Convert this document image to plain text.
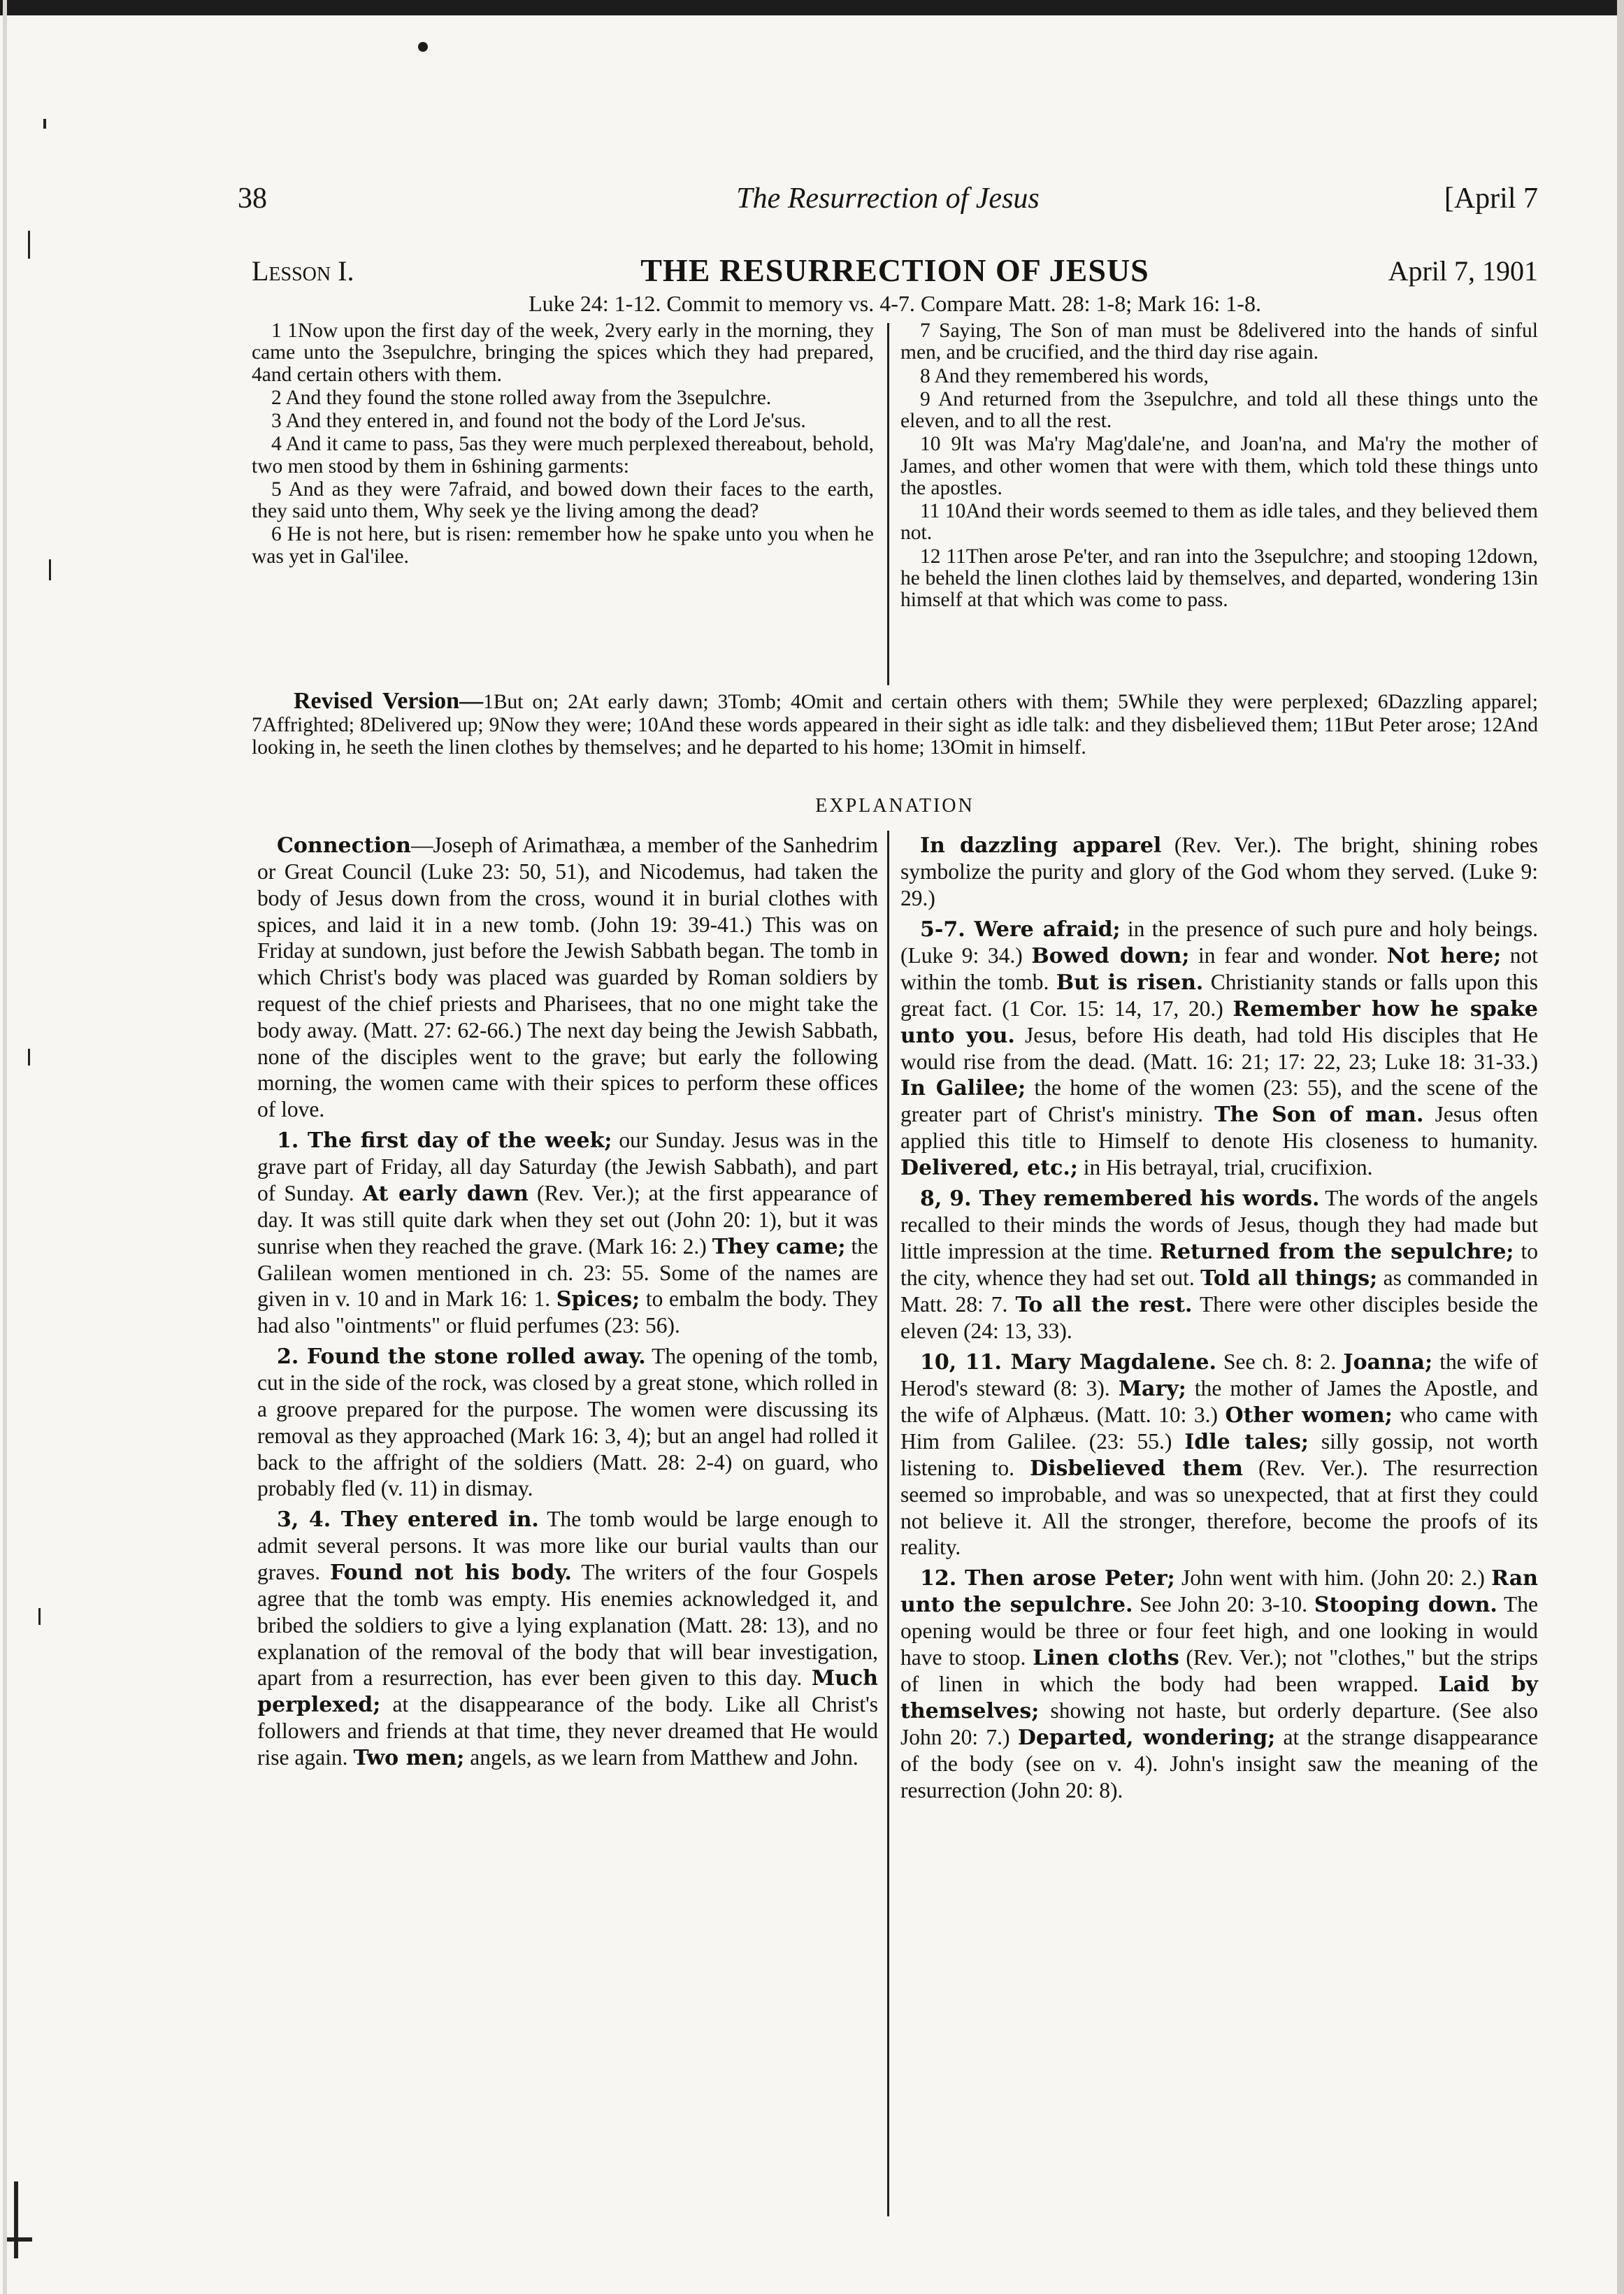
38	The Resurrection of Jesus	[April 7
Lesson I.	THE RESURRECTION OF JESUS	April 7, 1901
Luke 24: 1-12. Commit to memory vs. 4-7. Compare Matt. 28: 1-8; Mark 16: 1-8.

1 1Now upon the first day of the week, 2very early in the morning, they came unto the 3sepulchre, bringing the spices which they had prepared, 4and certain others with them.

2 And they found the stone rolled away from the 3sepulchre.

3 And they entered in, and found not the body of the Lord Je'sus.

4 And it came to pass, 5as they were much perplexed thereabout, behold, two men stood by them in 6shining garments:

5 And as they were 7afraid, and bowed down their faces to the earth, they said unto them, Why seek ye the living among the dead?

6 He is not here, but is risen: remember how he spake unto you when he was yet in Gal'ilee.

7 Saying, The Son of man must be 8delivered into the hands of sinful men, and be crucified, and the third day rise again.

8 And they remembered his words,

9 And returned from the 3sepulchre, and told all these things unto the eleven, and to all the rest.

10 9It was Ma'ry Mag'dale'ne, and Joan'na, and Ma'ry the mother of James, and other women that were with them, which told these things unto the apostles.

11 10And their words seemed to them as idle tales, and they believed them not.

12 11Then arose Pe'ter, and ran into the 3sepulchre; and stooping 12down, he beheld the linen clothes laid by themselves, and departed, wondering 13in himself at that which was come to pass.

Revised Version—1But on; 2At early dawn; 3Tomb; 4Omit and certain others with them; 5While they were perplexed; 6Dazzling apparel; 7Affrighted; 8Delivered up; 9Now they were; 10And these words appeared in their sight as idle talk: and they disbelieved them; 11But Peter arose; 12And looking in, he seeth the linen clothes by themselves; and he departed to his home; 13Omit in himself.
EXPLANATION

Connection—Joseph of Arimathæa, a member of the Sanhedrim or Great Council (Luke 23: 50, 51), and Nicodemus, had taken the body of Jesus down from the cross, wound it in burial clothes with spices, and laid it in a new tomb. (John 19: 39-41.) This was on Friday at sundown, just before the Jewish Sabbath began. The tomb in which Christ's body was placed was guarded by Roman soldiers by request of the chief priests and Pharisees, that no one might take the body away. (Matt. 27: 62-66.) The next day being the Jewish Sabbath, none of the disciples went to the grave; but early the following morning, the women came with their spices to perform these offices of love.

1. The first day of the week; our Sunday. Jesus was in the grave part of Friday, all day Saturday (the Jewish Sabbath), and part of Sunday. At early dawn (Rev. Ver.); at the first appearance of day. It was still quite dark when they set out (John 20: 1), but it was sunrise when they reached the grave. (Mark 16: 2.) They came; the Galilean women mentioned in ch. 23: 55. Some of the names are given in v. 10 and in Mark 16: 1. Spices; to embalm the body. They had also "ointments" or fluid perfumes (23: 56).

2. Found the stone rolled away. The opening of the tomb, cut in the side of the rock, was closed by a great stone, which rolled in a groove prepared for the purpose. The women were discussing its removal as they approached (Mark 16: 3, 4); but an angel had rolled it back to the affright of the soldiers (Matt. 28: 2-4) on guard, who probably fled (v. 11) in dismay.

3, 4. They entered in. The tomb would be large enough to admit several persons. It was more like our burial vaults than our graves. Found not his body. The writers of the four Gospels agree that the tomb was empty. His enemies acknowledged it, and bribed the soldiers to give a lying explanation (Matt. 28: 13), and no explanation of the removal of the body that will bear investigation, apart from a resurrection, has ever been given to this day. Much perplexed; at the disappearance of the body. Like all Christ's followers and friends at that time, they never dreamed that He would rise again. Two men; angels, as we learn from Matthew and John.

In dazzling apparel (Rev. Ver.). The bright, shining robes symbolize the purity and glory of the God whom they served. (Luke 9: 29.)

5-7. Were afraid; in the presence of such pure and holy beings. (Luke 9: 34.) Bowed down; in fear and wonder. Not here; not within the tomb. But is risen. Christianity stands or falls upon this great fact. (1 Cor. 15: 14, 17, 20.) Remember how he spake unto you. Jesus, before His death, had told His disciples that He would rise from the dead. (Matt. 16: 21; 17: 22, 23; Luke 18: 31-33.) In Galilee; the home of the women (23: 55), and the scene of the greater part of Christ's ministry. The Son of man. Jesus often applied this title to Himself to denote His closeness to humanity. Delivered, etc.; in His betrayal, trial, crucifixion.

8, 9. They remembered his words. The words of the angels recalled to their minds the words of Jesus, though they had made but little impression at the time. Returned from the sepulchre; to the city, whence they had set out. Told all things; as commanded in Matt. 28: 7. To all the rest. There were other disciples beside the eleven (24: 13, 33).

10, 11. Mary Magdalene. See ch. 8: 2. Joanna; the wife of Herod's steward (8: 3). Mary; the mother of James the Apostle, and the wife of Alphæus. (Matt. 10: 3.) Other women; who came with Him from Galilee. (23: 55.) Idle tales; silly gossip, not worth listening to. Disbelieved them (Rev. Ver.). The resurrection seemed so improbable, and was so unexpected, that at first they could not believe it. All the stronger, therefore, become the proofs of its reality.

12. Then arose Peter; John went with him. (John 20: 2.) Ran unto the sepulchre. See John 20: 3-10. Stooping down. The opening would be three or four feet high, and one looking in would have to stoop. Linen cloths (Rev. Ver.); not "clothes," but the strips of linen in which the body had been wrapped. Laid by themselves; showing not haste, but orderly departure. (See also John 20: 7.) Departed, wondering; at the strange disappearance of the body (see on v. 4). John's insight saw the meaning of the resurrection (John 20: 8).
